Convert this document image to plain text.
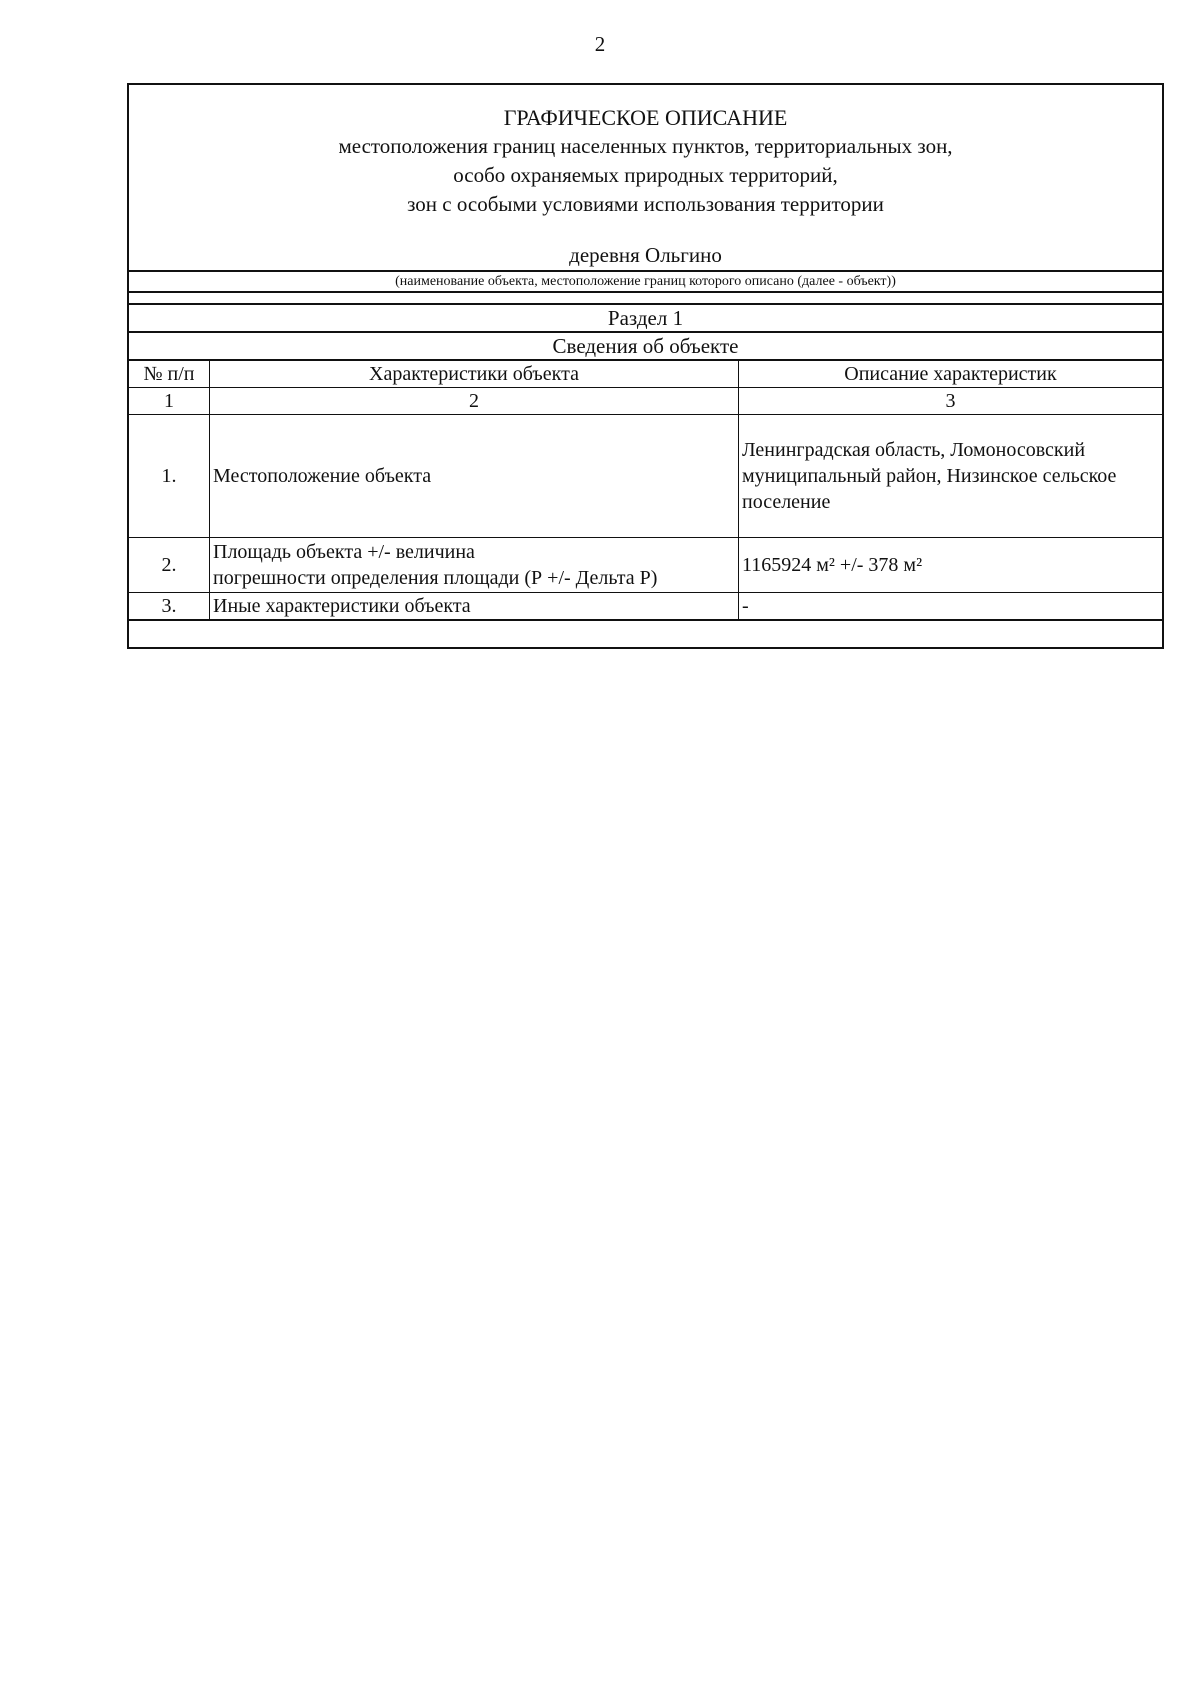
2
ГРАФИЧЕСКОЕ ОПИСАНИЕ
местоположения границ населенных пунктов, территориальных зон,
особо охраняемых природных территорий,
зон с особыми условиями использования территории
деревня Ольгино
(наименование объекта, местоположение границ которого описано (далее - объект))
Раздел 1
Сведения об объекте
№ п/п	Характеристики объекта	Описание характеристик
1	2	3
1.	Местоположение объекта	Ленинградская область, Ломоносовский
муниципальный район, Низинское сельское
поселение

2.	Площадь объекта +/- величина
погрешности определения площади (Р +/- Дельта Р)	1165924 м² +/- 378 м²

3.	Иные характеристики объекта	-
